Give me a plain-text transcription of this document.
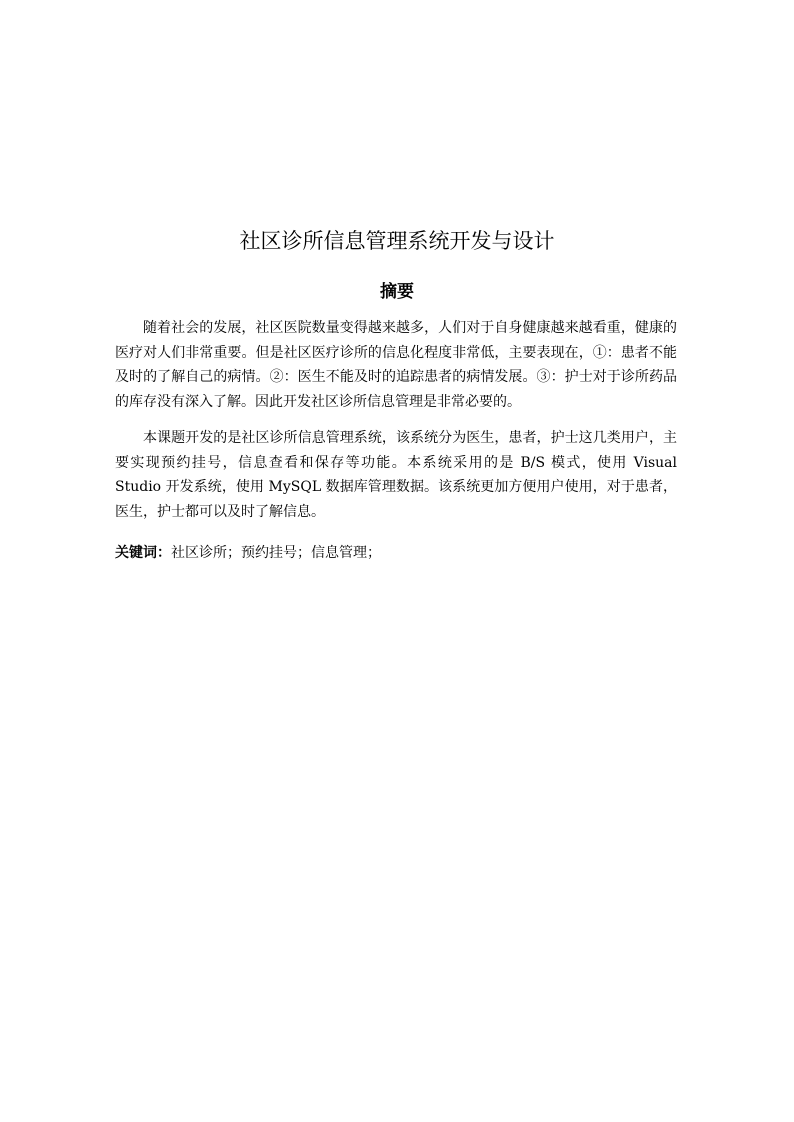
社区诊所信息管理系统开发与设计
摘要
随着社会的发展，社区医院数量变得越来越多，人们对于自身健康越来越看重，健康的医疗对人们非常重要。但是社区医疗诊所的信息化程度非常低，主要表现在，①：患者不能及时的了解自己的病情。②：医生不能及时的追踪患者的病情发展。③：护士对于诊所药品的库存没有深入了解。因此开发社区诊所信息管理是非常必要的。
本课题开发的是社区诊所信息管理系统，该系统分为医生，患者，护士这几类用户，主要实现预约挂号，信息查看和保存等功能。本系统采用的是 B/S 模式，使用 Visual Studio 开发系统，使用 MySQL 数据库管理数据。该系统更加方便用户使用，对于患者，医生，护士都可以及时了解信息。
关键词：社区诊所；预约挂号；信息管理；
